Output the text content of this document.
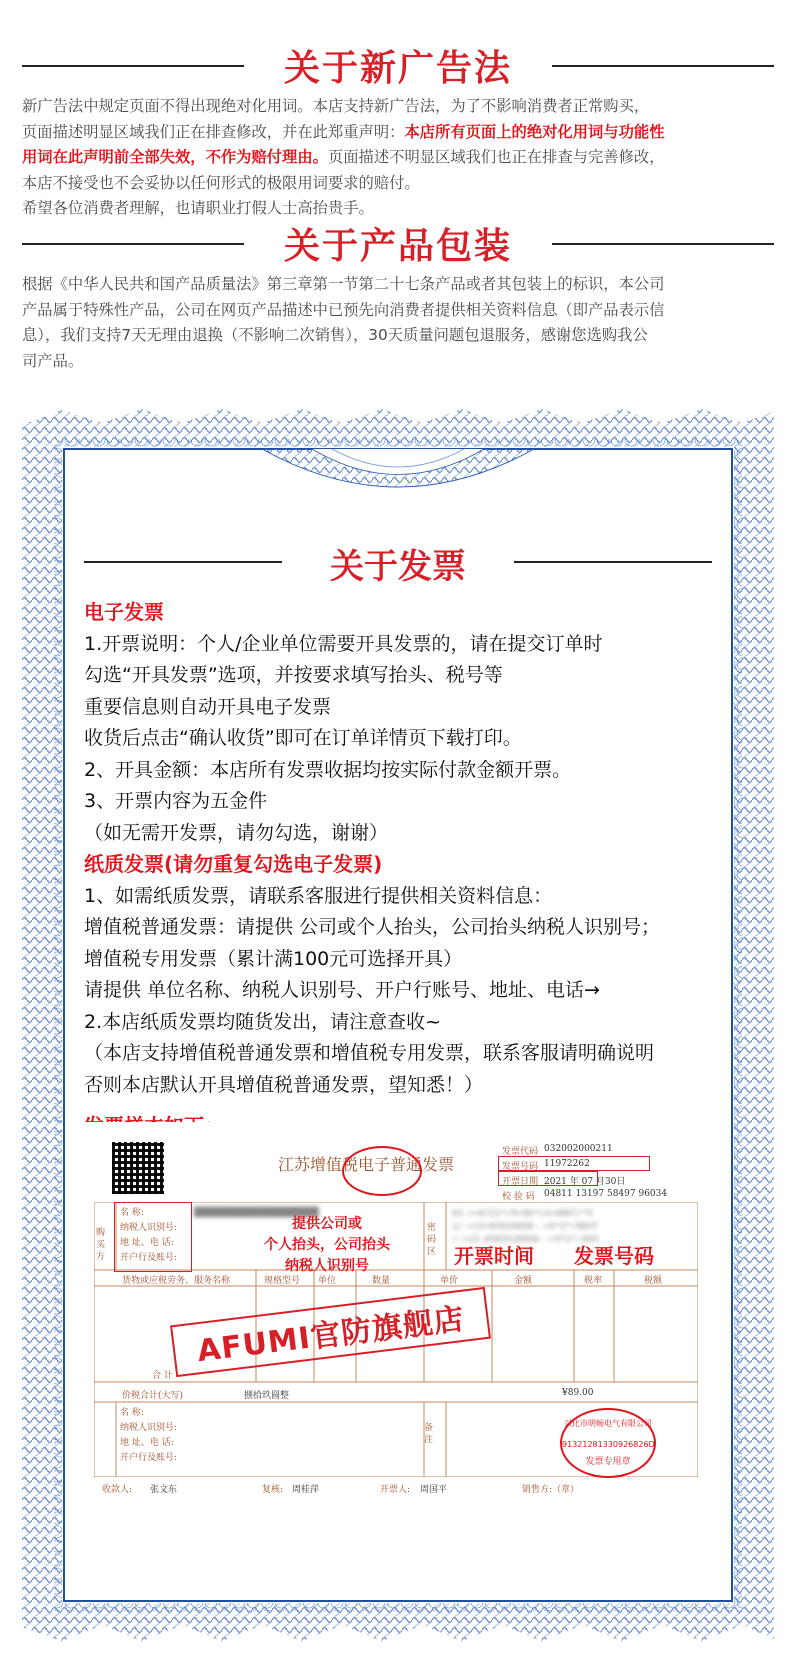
关于新广告法
新广告法中规定页面不得出现绝对化用词。本店支持新广告法，为了不影响消费者正常购买，
页面描述明显区域我们正在排查修改，并在此郑重声明：本店所有页面上的绝对化用词与功能性
用词在此声明前全部失效，不作为赔付理由。页面描述不明显区域我们也正在排查与完善修改，
本店不接受也不会妥协以任何形式的极限用词要求的赔付。
希望各位消费者理解，也请职业打假人士高抬贵手。
关于产品包装
根据《中华人民共和国产品质量法》第三章第一节第二十七条产品或者其包装上的标识，本公司
产品属于特殊性产品，公司在网页产品描述中已预先向消费者提供相关资料信息（即产品表示信
息），我们支持7天无理由退换（不影响二次销售），30天质量问题包退服务，感谢您选购我公
司产品。
关于发票
电子发票
1.开票说明：个人/企业单位需要开具发票的，请在提交订单时
勾选“开具发票”选项，并按要求填写抬头、税号等
重要信息则自动开具电子发票
收货后点击“确认收货”即可在订单详情页下载打印。
2、开具金额：本店所有发票收据均按实际付款金额开票。
3、开票内容为五金件
（如无需开发票，请勿勾选，谢谢）
纸质发票(请勿重复勾选电子发票)
1、如需纸质发票，请联系客服进行提供相关资料信息：
增值税普通发票：请提供 公司或个人抬头，公司抬头纳税人识别号；
增值税专用发票（累计满100元可选择开具）
请提供 单位名称、纳税人识别号、开户行账号、地址、电话→
2.本店纸质发票均随货发出，请注意查收~
（本店支持增值税普通发票和增值税专用发票，联系客服请明确说明
否则本店默认开具增值税普通发票，望知悉！）
江苏增值税电子普通发票
发票代码 032002000211
发票号码 11972262
开票日期 2021 年 07 月30日
校 验 码 04811 13197 58497 96034
购买方
名 称:
纳税人识别号:
地 址、电 话:
开户行及账号:
██████████████████
密码区
03-><6721*/9<56*>3<4807/*5
1/->13<03520858-->5*2*/8037
/->13-6503520858-->5*2*/403
货物或应税劳务、服务名称	规格型号 单位	数量	单价	金额	税率	税额
合 计
价税合计(大写)	捌拾玖圆整	¥89.00
名 称:
纳税人识别号:
地 址、电 话:
开户行及账号:
备注
收款人: 张文东	复核: 周桂萍	开票人: 周国平	销售方:（章）
兴化市明畅电气有限公司
91321281330926826D
发票专用章
提供公司或
个人抬头，公司抬头
纳税人识别号	开票时间 发票号码
AFUMI官防旗舰店
